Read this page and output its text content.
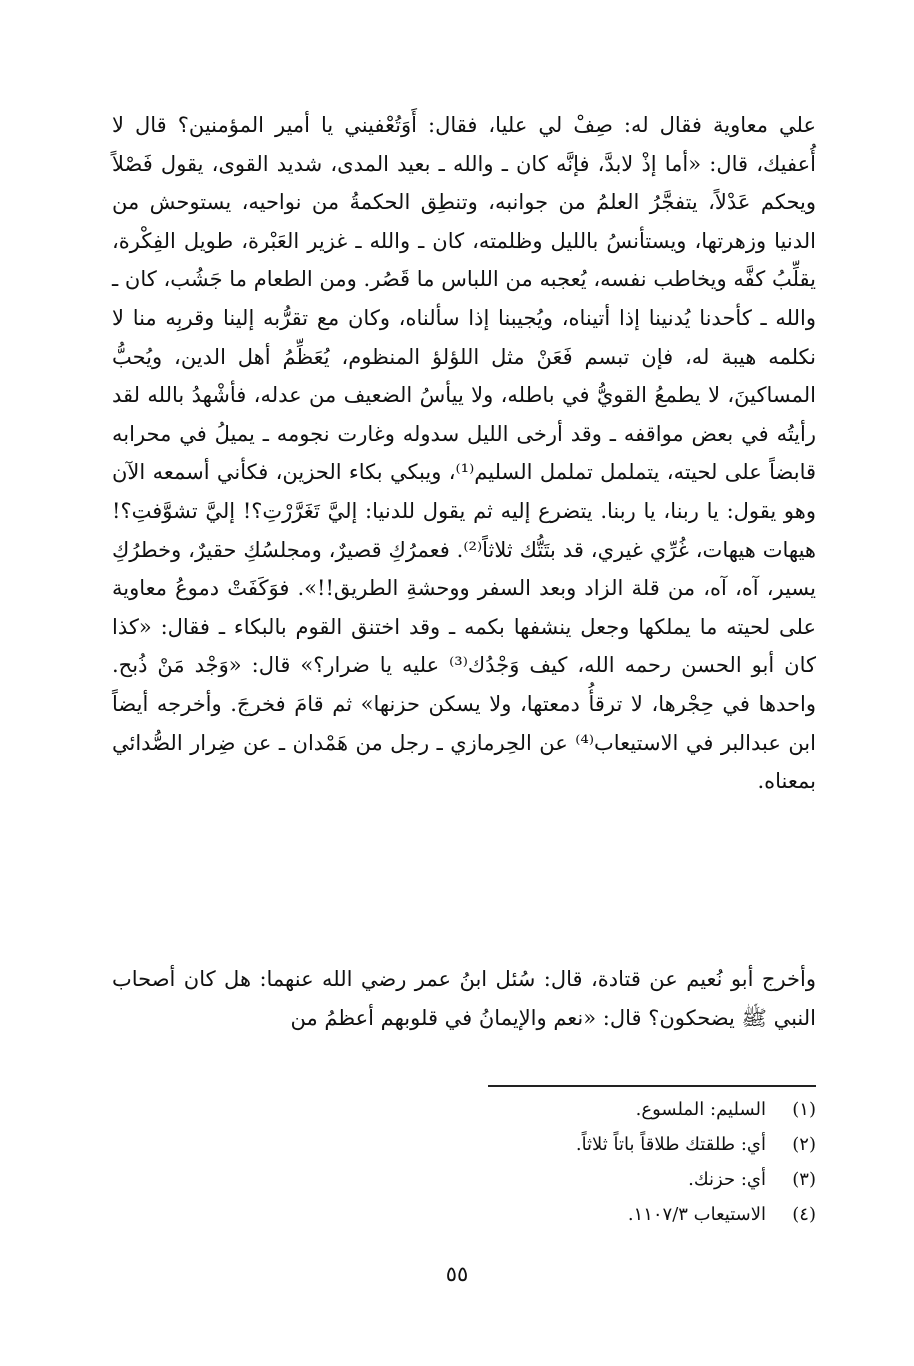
علي معاوية فقال له: صِفْ لي عليا، فقال: أَوَتُعْفيني يا أمير المؤمنين؟ قال لا أُعفيك، قال: «أما إذْ لابدَّ، فإنَّه كان ـ والله ـ بعيد المدى، شديد القوى، يقول فَصْلاً ويحكم عَدْلاً، يتفجَّرُ العلمُ من جوانبه، وتنطِق الحكمةُ من نواحيه، يستوحش من الدنيا وزهرتها، ويستأنسُ بالليل وظلمته، كان ـ والله ـ غزير العَبْرة، طويل الفِكْرة، يقلِّبُ كفَّه ويخاطب نفسه، يُعجبه من اللباس ما قَصُر. ومن الطعام ما جَشُب، كان ـ والله ـ كأحدنا يُدنينا إذا أتيناه، ويُجيبنا إذا سألناه، وكان مع تقرُّبه إلينا وقربِه منا لا نكلمه هيبة له، فإن تبسم فَعَنْ مثل اللؤلؤ المنظوم، يُعَظِّمُ أهل الدين، ويُحبُّ المساكينَ، لا يطمعُ القويُّ في باطله، ولا ييأسُ الضعيف من عدله، فأشْهدُ بالله لقد رأيتُه في بعض مواقفه ـ وقد أرخى الليل سدوله وغارت نجومه ـ يميلُ في محرابه قابضاً على لحيته، يتململ تململ السليم⁽¹⁾، ويبكي بكاء الحزين، فكأني أسمعه الآن وهو يقول: يا ربنا، يا ربنا. يتضرع إليه ثم يقول للدنيا: إليَّ تَغَرَّرْتِ؟! إليَّ تشوَّفتِ؟! هيهات هيهات، غُرِّي غيري، قد بتَتُّك ثلاثاً⁽²⁾. فعمرُكِ قصيرٌ، ومجلسُكِ حقيرٌ، وخطرُكِ يسير، آه، آه، من قلة الزاد وبعد السفر ووحشةِ الطريق!!». فوَكَفَتْ دموعُ معاوية على لحيته ما يملكها وجعل ينشفها بكمه ـ وقد اختنق القوم بالبكاء ـ فقال: «كذا كان أبو الحسن رحمه الله، كيف وَجْدُك⁽³⁾ عليه يا ضرار؟» قال: «وَجْد مَنْ ذُبح. واحدها في حِجْرها، لا ترقأُ دمعتها، ولا يسكن حزنها» ثم قامَ فخرجَ. وأخرجه أيضاً ابن عبدالبر في الاستيعاب⁽⁴⁾ عن الحِرمازي ـ رجل من هَمْدان ـ عن ضِرار الصُّدائي بمعناه.

وأخرج أبو نُعيم عن قتادة، قال: سُئل ابنُ عمر رضي الله عنهما: هل كان أصحاب النبي ﷺ يضحكون؟ قال: «نعم والإيمانُ في قلوبهم أعظمُ من

(١)
السليم: الملسوع.
(٢)
أي: طلقتك طلاقاً باتاً ثلاثاً.
(٣)
أي: حزنك.
(٤)
الاستيعاب ١١٠٧/٣.
٥٥
